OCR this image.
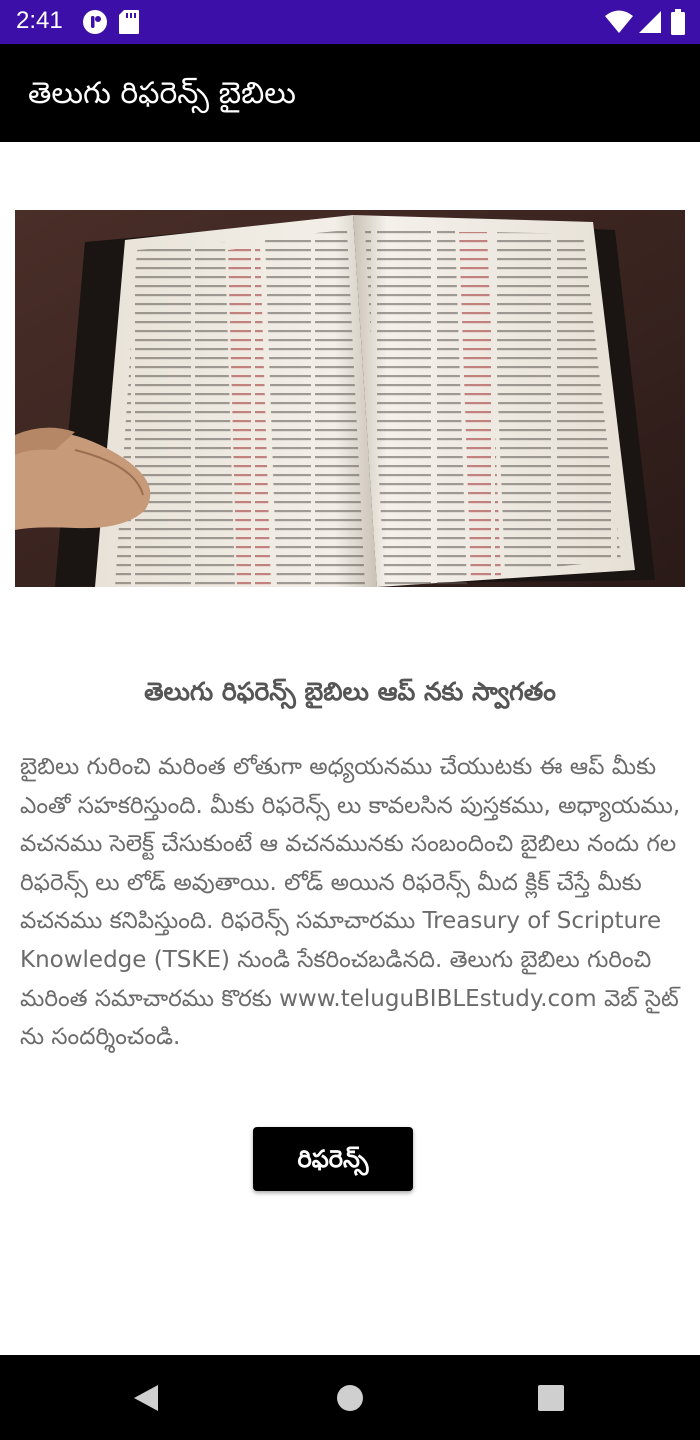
2:41
తెలుగు రిఫరెన్స్ బైబిలు
తెలుగు రిఫరెన్స్ బైబిలు ఆప్ నకు స్వాగతం
బైబిలు గురించి మరింత లోతుగా అధ్యయనము చేయుటకు ఈ ఆప్ మీకు ఎంతో సహకరిస్తుంది. మీకు రిఫరెన్స్ లు కావలసిన పుస్తకము, అధ్యాయము, వచనము సెలెక్ట్ చేసుకుంటే ఆ వచనమునకు సంబందించి బైబిలు నందు గల రిఫరెన్స్ లు లోడ్ అవుతాయి. లోడ్ అయిన రిఫరెన్స్ మీద క్లిక్ చేస్తే మీకు వచనము కనిపిస్తుంది. రిఫరెన్స్ సమాచారము Treasury of Scripture Knowledge (TSKE) నుండి సేకరించబడినది. తెలుగు బైబిలు గురించి మరింత సమాచారము కొరకు www.teluguBIBLEstudy.com వెబ్ సైట్ ను సందర్శించండి.
రిఫరెన్స్
